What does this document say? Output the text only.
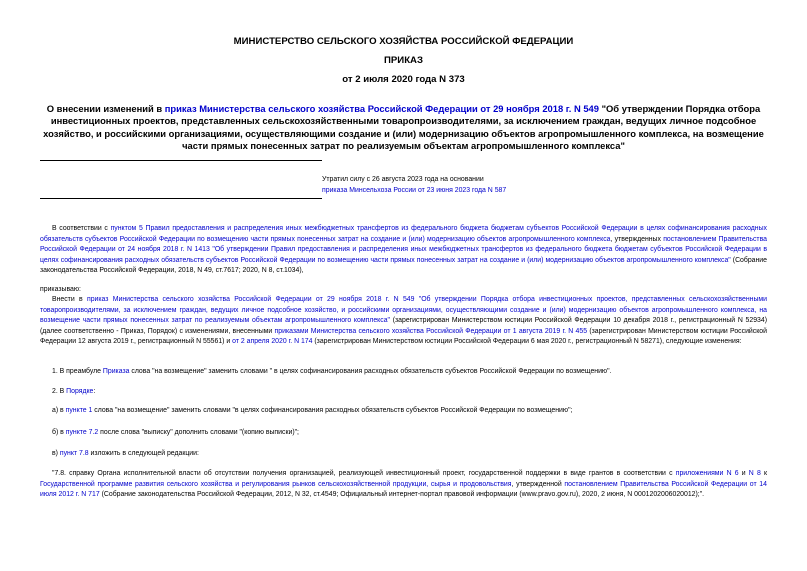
МИНИСТЕРСТВО СЕЛЬСКОГО ХОЗЯЙСТВА РОССИЙСКОЙ ФЕДЕРАЦИИ
ПРИКАЗ
от 2 июля 2020 года N 373
О внесении изменений в приказ Министерства сельского хозяйства Российской Федерации от 29 ноября 2018 г. N 549 "Об утверждении Порядка отбора инвестиционных проектов, представленных сельскохозяйственными товаропроизводителями, за исключением граждан, ведущих личное подсобное хозяйство, и российскими организациями, осуществляющими создание и (или) модернизацию объектов агропромышленного комплекса, на возмещение части прямых понесенных затрат по реализуемым объектам агропромышленного комплекса"
Утратил силу с 26 августа 2023 года на основании
приказа Минсельхоза России от 23 июня 2023 года N 587

В соответствии с пунктом 5 Правил предоставления и распределения иных межбюджетных трансфертов из федерального бюджета бюджетам субъектов Российской Федерации в целях софинансирования расходных обязательств субъектов Российской Федерации по возмещению части прямых понесенных затрат на создание и (или) модернизацию объектов агропромышленного комплекса, утвержденных постановлением Правительства Российской Федерации от 24 ноября 2018 г. N 1413 "Об утверждении Правил предоставления и распределения иных межбюджетных трансфертов из федерального бюджета бюджетам субъектов Российской Федерации в целях софинансирования расходных обязательств субъектов Российской Федерации по возмещению части прямых понесенных затрат на создание и (или) модернизацию объектов агропромышленного комплекса" (Собрание законодательства Российской Федерации, 2018, N 49, ст.7617; 2020, N 8, ст.1034),

приказываю:

Внести в приказ Министерства сельского хозяйства Российской Федерации от 29 ноября 2018 г. N 549 "Об утверждении Порядка отбора инвестиционных проектов, представленных сельскохозяйственными товаропроизводителями, за исключением граждан, ведущих личное подсобное хозяйство, и российскими организациями, осуществляющими создание и (или) модернизацию объектов агропромышленного комплекса, на возмещение части прямых понесенных затрат по реализуемым объектам агропромышленного комплекса" (зарегистрирован Министерством юстиции Российской Федерации 10 декабря 2018 г., регистрационный N 52934) (далее соответственно - Приказ, Порядок) с изменениями, внесенными приказами Министерства сельского хозяйства Российской Федерации от 1 августа 2019 г. N 455 (зарегистрирован Министерством юстиции Российской Федерации 12 августа 2019 г., регистрационный N 55561) и от 2 апреля 2020 г. N 174 (зарегистрирован Министерством юстиции Российской Федерации 6 мая 2020 г., регистрационный N 58271), следующие изменения:

1. В преамбуле Приказа слова "на возмещение" заменить словами " в целях софинансирования расходных обязательств субъектов Российской Федерации по возмещению".

2. В Порядке:

а) в пункте 1 слова "на возмещение" заменить словами "в целях софинансирования расходных обязательств субъектов Российской Федерации по возмещению";

б) в пункте 7.2 после слова "выписку" дополнить словами "(копию выписки)";

в) пункт 7.8 изложить в следующей редакции:

"7.8. справку Органа исполнительной власти об отсутствии получения организацией, реализующей инвестиционный проект, государственной поддержки в виде грантов в соответствии с приложениями N 6 и N 8 к Государственной программе развития сельского хозяйства и регулирования рынков сельскохозяйственной продукции, сырья и продовольствия, утвержденной постановлением Правительства Российской Федерации от 14 июля 2012 г. N 717 (Собрание законодательства Российской Федерации, 2012, N 32, ст.4549; Официальный интернет-портал правовой информации (www.pravo.gov.ru), 2020, 2 июня, N 0001202006020012);".
